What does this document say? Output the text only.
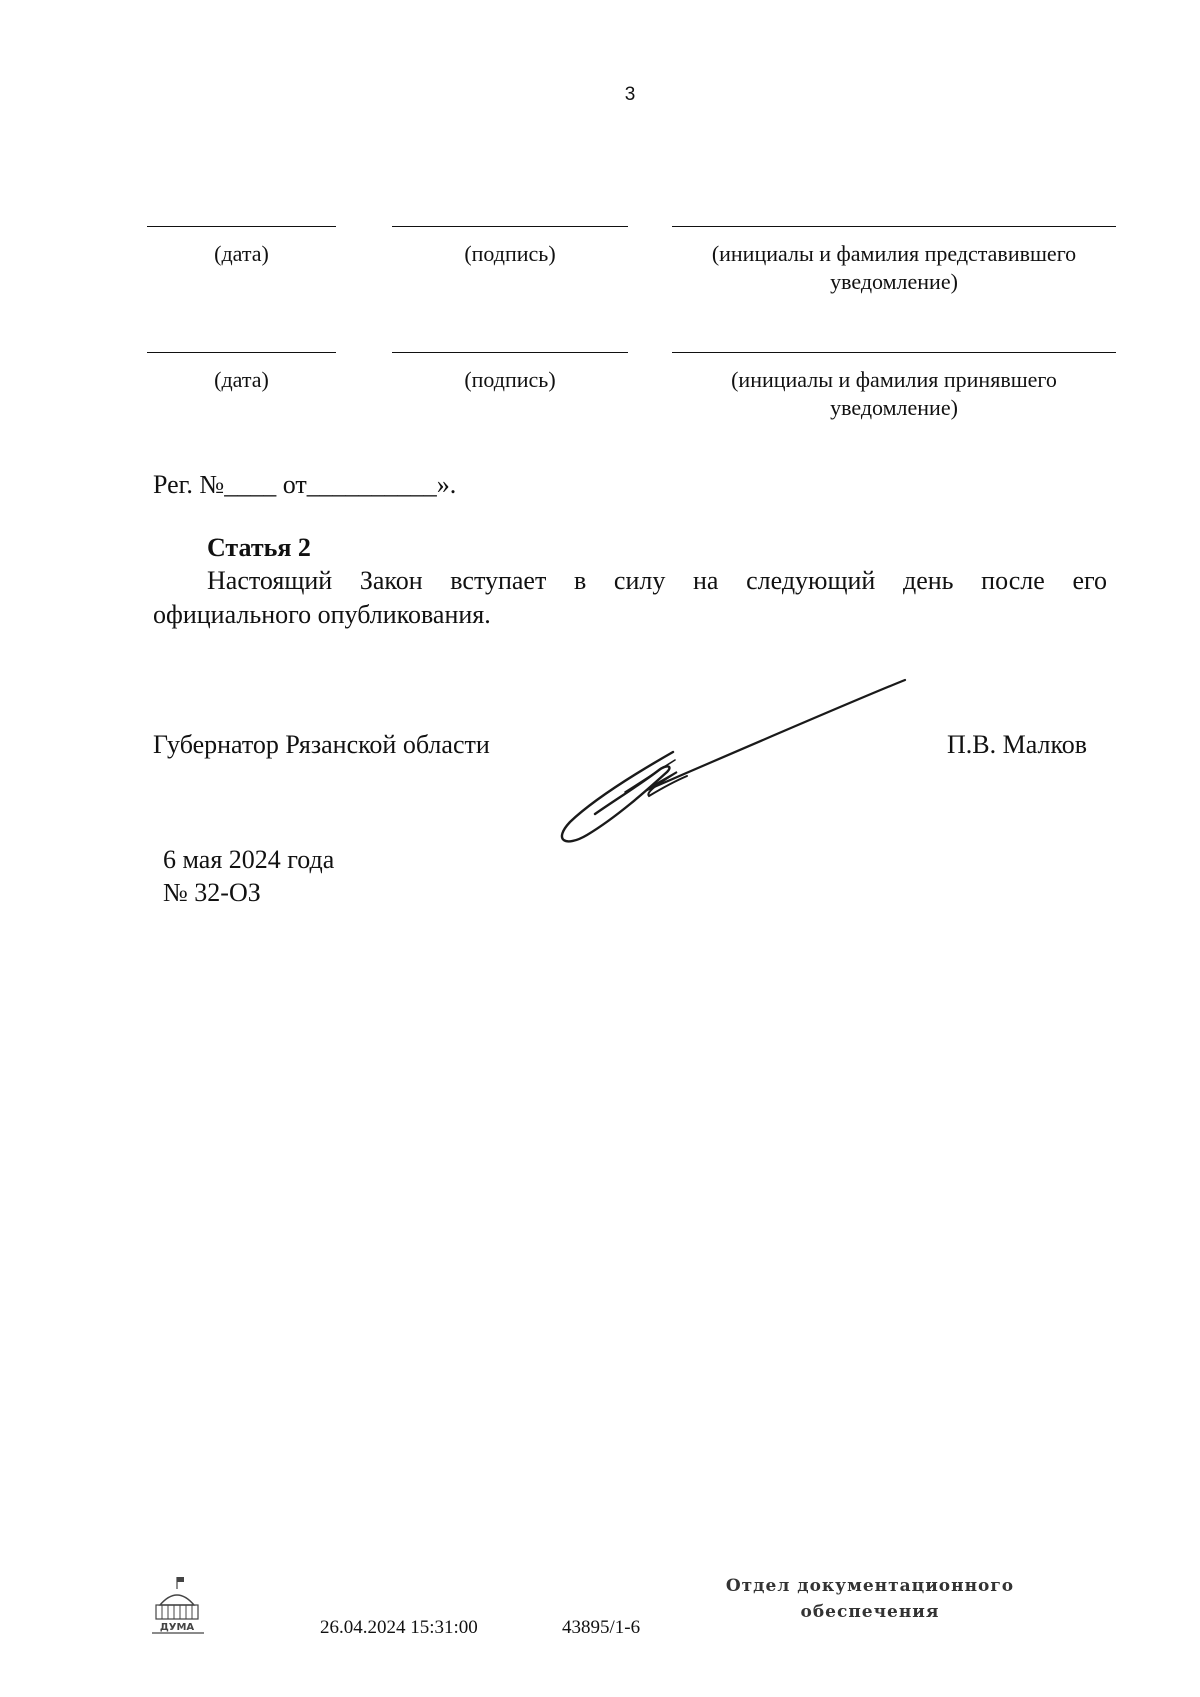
3
(дата)	(подпись)	(инициалы и фамилия представившего
уведомление)
(дата)	(подпись)	(инициалы и фамилия принявшего
уведомление)
Рег. №____ от__________».
Статья 2
Настоящий Закон вступает в силу на следующий день после его
официального опубликования.
Губернатор Рязанской области	П.В. Малков
6 мая 2024 года
№ 32-ОЗ
ДУМА	26.04.2024 15:31:00	43895/1-6
Отдел документационного
обеспечения
